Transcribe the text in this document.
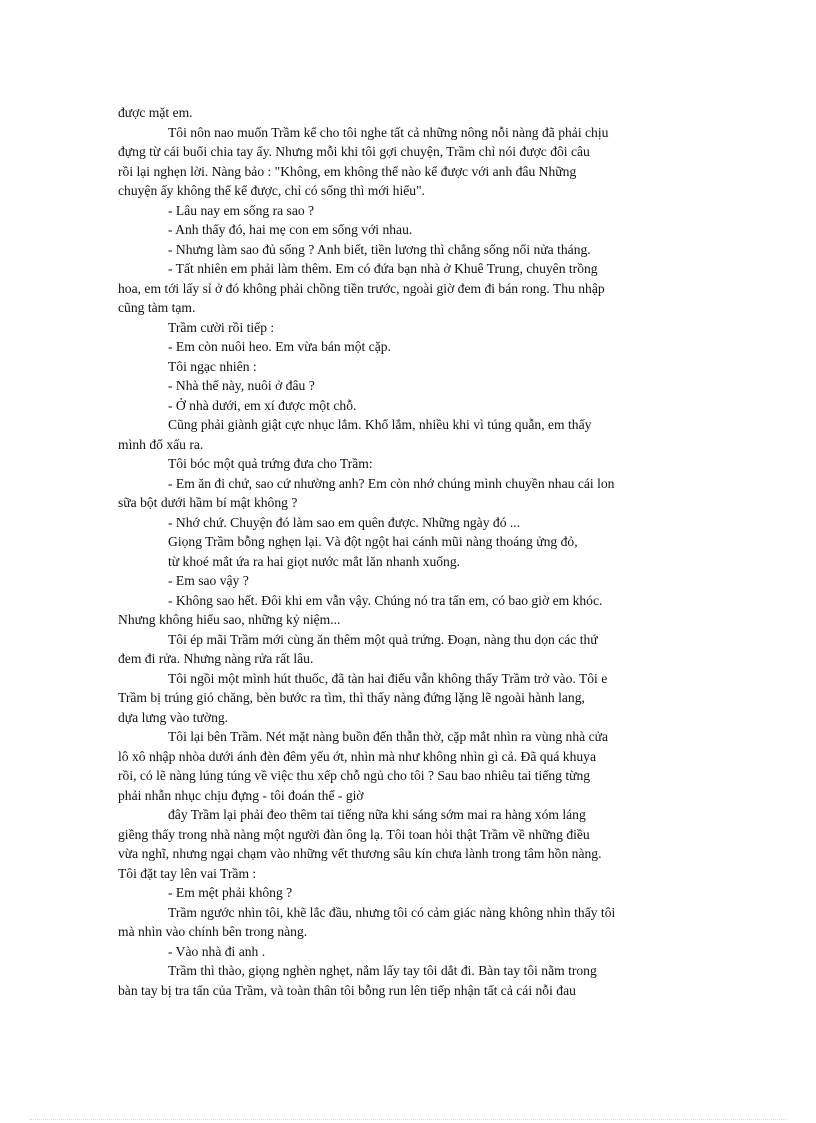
được mặt em.
Tôi nôn nao muốn Trầm kể cho tôi nghe tất cả những nông nỗi nàng đã phải chịu
đựng từ cái buổi chia tay ấy. Nhưng mỗi khi tôi gợi chuyện, Trầm chỉ nói được đôi câu
rồi lại nghẹn lời. Nàng bảo : "Không, em không thể nào kể được với anh đâu Những
chuyện ấy không thể kể được, chỉ có sống thì mới hiểu".
- Lâu nay em sống ra sao ?
- Anh thấy đó, hai mẹ con em sống với nhau.
- Nhưng làm sao đủ sống ? Anh biết, tiền lương thì chẳng sống nổi nửa tháng.
- Tất nhiên em phải làm thêm. Em có đứa bạn nhà ở Khuê Trung, chuyên trồng
hoa, em tới lấy sỉ ở đó không phải chồng tiền trước, ngoài giờ đem đi bán rong. Thu nhập
cũng tàm tạm.
Trầm cười rồi tiếp :
- Em còn nuôi heo. Em vừa bán một cặp.
Tôi ngạc nhiên :
- Nhà thế này, nuôi ở đâu ?
- Ở nhà dưới, em xí được một chỗ.
Cũng phải giành giật cực nhục lắm. Khổ lắm, nhiều khi vì túng quẫn, em thấy
mình đổ xấu ra.
Tôi bóc một quả trứng đưa cho Trầm:
- Em ăn đi chứ, sao cứ nhường anh? Em còn nhớ chúng mình chuyền nhau cái lon
sữa bột dưới hầm bí mật không ?
- Nhớ chứ. Chuyện đó làm sao em quên được. Những ngày đó ...
Giọng Trầm bỗng nghẹn lại. Và đột ngột hai cánh mũi nàng thoáng ửng đỏ,
từ khoé mắt ứa ra hai giọt nước mắt lăn nhanh xuống.
- Em sao vậy ?
- Không sao hết. Đôi khi em vẫn vậy. Chúng nó tra tấn em, có bao giờ em khóc.
Nhưng không hiểu sao, những kỷ niệm...
Tôi ép mãi Trầm mới cùng ăn thêm một quả trứng. Đoạn, nàng thu dọn các thứ
đem đi rửa. Nhưng nàng rửa rất lâu.
Tôi ngồi một mình hút thuốc, đã tàn hai điếu vẫn không thấy Trầm trở vào. Tôi e
Trầm bị trúng gió chăng, bèn bước ra tìm, thì thấy nàng đứng lặng lẽ ngoài hành lang,
dựa lưng vào tường.
Tôi lại bên Trầm. Nét mặt nàng buồn đến thẫn thờ, cặp mắt nhìn ra vùng nhà cửa
lô xô nhập nhòa dưới ánh đèn đêm yếu ớt, nhìn mà như không nhìn gì cả. Đã quá khuya
rồi, có lẽ nàng lúng túng về việc thu xếp chỗ ngủ cho tôi ? Sau bao nhiêu tai tiếng từng
phải nhẫn nhục chịu đựng - tôi đoán thế - giờ
đây Trầm lại phải đeo thêm tai tiếng nữa khi sáng sớm mai ra hàng xóm láng
giềng thấy trong nhà nàng một người đàn ông lạ. Tôi toan hỏi thật Trầm về những điều
vừa nghĩ, nhưng ngại chạm vào những vết thương sâu kín chưa lành trong tâm hồn nàng.
Tôi đặt tay lên vai Trầm :
- Em mệt phải không ?
Trầm ngước nhìn tôi, khẽ lắc đầu, nhưng tôi có cảm giác nàng không nhìn thấy tôi
mà nhìn vào chính bên trong nàng.
- Vào nhà đi anh .
Trầm thì thào, giọng nghèn nghẹt, nắm lấy tay tôi dắt đi. Bàn tay tôi nằm trong
bàn tay bị tra tấn của Trầm, và toàn thân tôi bỗng run lên tiếp nhận tất cả cái nỗi đau
